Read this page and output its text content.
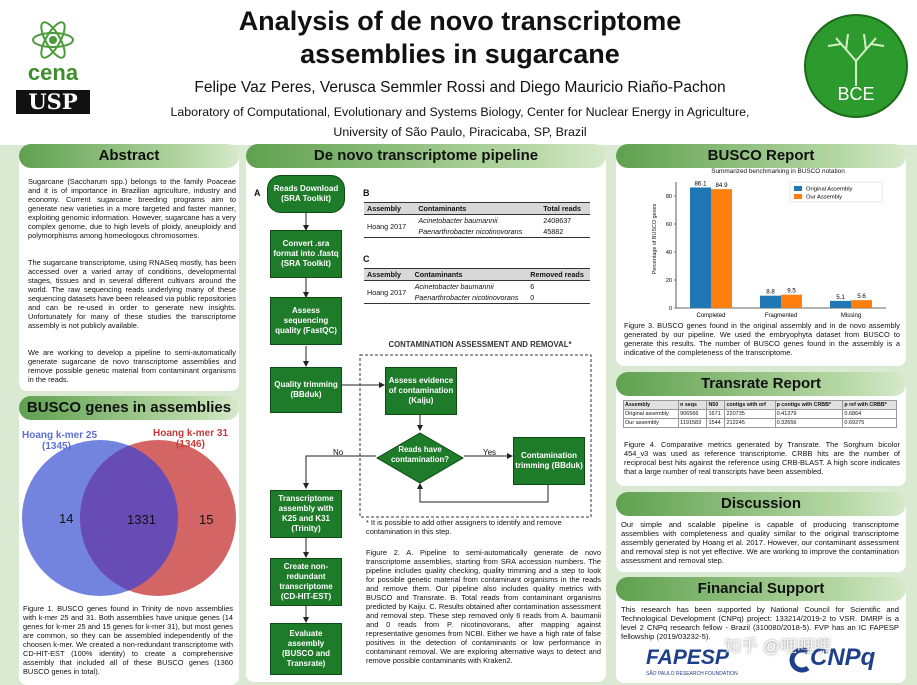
cena
USP
Analysis of de novo transcriptome
assemblies in sugarcane
Felipe Vaz Peres, Verusca Semmler Rossi and Diego Mauricio Riaño-Pachon
Laboratory of Computational, Evolutionary and Systems Biology, Center for Nuclear Energy in Agriculture,
University of São Paulo, Piracicaba, SP, Brazil
BCE
Abstract
Sugarcane (Saccharum spp.) belongs to the family Poaceae and it is of importance in Brazilian agriculture, industry and economy. Current sugarcane breeding programs aim to generate new varieties in a more targeted and faster manner, exploiting genomic information. However, sugarcane has a very complex genome, due to high levels of ploidy, aneuploidy and polymorphisms among homeologous chromosomes.
The sugarcane transcriptome, using RNASeq mostly, has been accessed over a varied array of conditions, developmental stages, tissues and in several different cultivars around the world. The raw sequencing reads underlying many of these sequencing datasets have been released via public repositories and can be re-used in order to generate new insights. Unfortunately for many of these studies the transcriptome assembly is not publicly available.
We are working to develop a pipeline to semi-automatically generate sugarcane de novo transcriptome assemblies and remove possible genetic material from contaminant organisms in the reads.
BUSCO genes in assemblies
Hoang k-mer 25
(1345)
Hoang k-mer 31
(1346)
14	1331	15
Figure 1. BUSCO genes found in Trinity de novo assemblies with k-mer 25 and 31. Both assemblies have unique genes (14 genes for k-mer 25 and 15 genes for k-mer 31), but most genes are common, so they can be assembled independently of the choosen k-mer. We created a non-redundant transcriptome with CD-HIT-EST (100% identity) to create a comprehensive assembly that included all of these BUSCO genes (1360 BUSCO genes in total).
De novo transcriptome pipeline
A	B
C
Reads Download (SRA Toolkit)
Convert .sra format into .fastq (SRA Toolkit)
Assess sequencing quality (FastQC)
Quality trimming (BBduk)
Transcriptome assembly with K25 and K31 (Trinity)
Create non-redundant transcriptome (CD-HIT-EST)
Evaluate assembly (BUSCO and Transrate)
CONTAMINATION ASSESSMENT AND REMOVAL*
Assess evidence of contamination (Kaiju)
Reads have contamination?
No	Yes	Contamination trimming (BBduk)
* It is possible to add other assigners to identify and remove contamination in this step.
Assembly	Contaminants	Total reads
Hoang 2017	Acinetobacter baumannii	2408637
	Paenarthrobacter nicotinovorans	45882
Assembly	Contaminants	Removed reads
Hoang 2017	Acinetobacter baumannii	6
	Paenarthrobacter nicotinovorans	0
Figure 2. A. Pipeline to semi-automatically generate de novo transcriptome assemblies, starting from SRA accession numbers. The pipeline includes quality checking, quality trimming and a step to look for possible genetic material from contaminant organisms in the reads and remove them. Our pipeline also includes quality metrics with BUSCO and Transrate. B. Total reads from contaminant organisms predicted by Kaiju. C. Results obtained after contamination assessment and removal step. These step removed only 6 reads from A. baumanii and 0 reads from P. nicotinovorans, after mapping against representative genomes from NCBI. Either we have a high rate of false positives in the detection of contaminants or low performance in contaminant removal. We are exploring alternative ways to detect and remove possible contaminants with Kraken2.
BUSCO Report
0
20
40
60
80
86.1 84.9
Completed
8.8 9.5
Fragmented
5.1 5.6
Missing
Original Assembly
Our Assembly
Summarized benchmarking in BUSCO notation
Percentage of BUSCO genes
Figure 3. BUSCO genes found in the original assembly and in de novo assembly generated by our pipeline. We used the embryophyta dataset from BUSCO to generate this results. The number of BUSCO genes found in the assembly is a indicative of the completeness of the transcriptome.
Transrate Report
Assembly	n seqs	N50	contigs with orf	p contigs with CRBB*	p ref with CRBB*
Original assembly	906566	1671	220735	0.41379	0.6864
Our assembly	1191583	1544	212245	0.32656	0.69275
Figure 4. Comparative metrics generated by Transrate. The Sorghum bicolor 454_v3 was used as reference transcriptome. CRBB hits are the number of reciprocal best hits against the reference using CRB-BLAST. A high score indicates that a large number of real transcripts have been assembled.
Discussion
Our simple and scalable pipeline is capable of producing transcriptome assemblies with completeness and quality similar to the original transcriptome assembly generated by Hoang et al. 2017. However, our contaminant assessment and removal step is not yet effective. We are working to improve the contamination assessment and removal step.
Financial Support
This research has been supported by National Council for Scientific and Technological Development (CNPq) project: 133214/2019-2 to VSR. DMRP is a level 2 CNPq research fellow - Brazil (310080/2018-5). FVP has an IC FAPESP fellowship (2019/03232-5).
FAPESP
SÃO PAULO RESEARCH FOUNDATION
CNPq
知乎 @哩哩嘿
